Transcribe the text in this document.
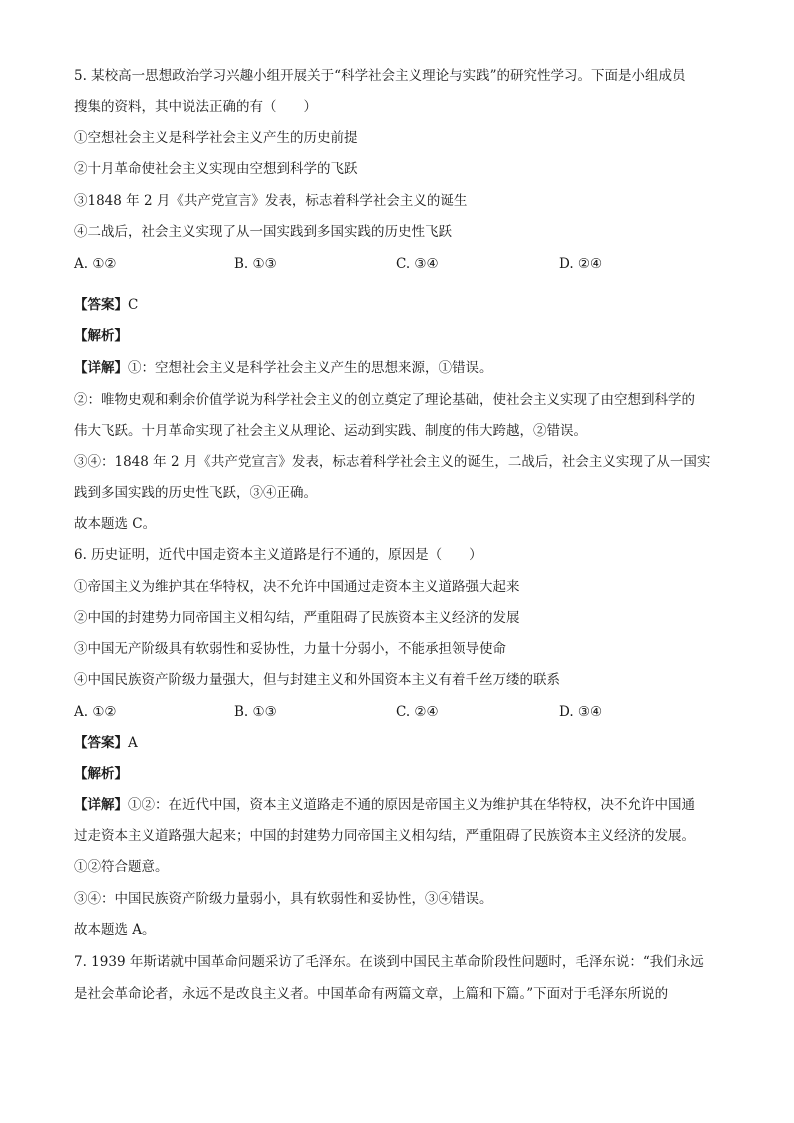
5. 某校高一思想政治学习兴趣小组开展关于“科学社会主义理论与实践”的研究性学习。下面是小组成员
搜集的资料，其中说法正确的有（　　）
①空想社会主义是科学社会主义产生的历史前提
②十月革命使社会主义实现由空想到科学的飞跃
③1848 年 2 月《共产党宣言》发表，标志着科学社会主义的诞生
④二战后，社会主义实现了从一国实践到多国实践的历史性飞跃
A. ①②	B. ①③	C. ③④	D. ②④
【答案】C
【解析】
【详解】①：空想社会主义是科学社会主义产生的思想来源，①错误。
②：唯物史观和剩余价值学说为科学社会主义的创立奠定了理论基础，使社会主义实现了由空想到科学的
伟大飞跃。十月革命实现了社会主义从理论、运动到实践、制度的伟大跨越，②错误。
③④：1848 年 2 月《共产党宣言》发表，标志着科学社会主义的诞生，二战后，社会主义实现了从一国实
践到多国实践的历史性飞跃，③④正确。
故本题选 C。
6. 历史证明，近代中国走资本主义道路是行不通的，原因是（　　）
①帝国主义为维护其在华特权，决不允许中国通过走资本主义道路强大起来
②中国的封建势力同帝国主义相勾结，严重阻碍了民族资本主义经济的发展
③中国无产阶级具有软弱性和妥协性，力量十分弱小，不能承担领导使命
④中国民族资产阶级力量强大，但与封建主义和外国资本主义有着千丝万缕的联系
A. ①②	B. ①③	C. ②④	D. ③④
【答案】A
【解析】
【详解】①②：在近代中国，资本主义道路走不通的原因是帝国主义为维护其在华特权，决不允许中国通
过走资本主义道路强大起来；中国的封建势力同帝国主义相勾结，严重阻碍了民族资本主义经济的发展。
①②符合题意。
③④：中国民族资产阶级力量弱小，具有软弱性和妥协性，③④错误。
故本题选 A。
7. 1939 年斯诺就中国革命问题采访了毛泽东。在谈到中国民主革命阶段性问题时，毛泽东说：“我们永远
是社会革命论者，永远不是改良主义者。中国革命有两篇文章，上篇和下篇。”下面对于毛泽东所说的
